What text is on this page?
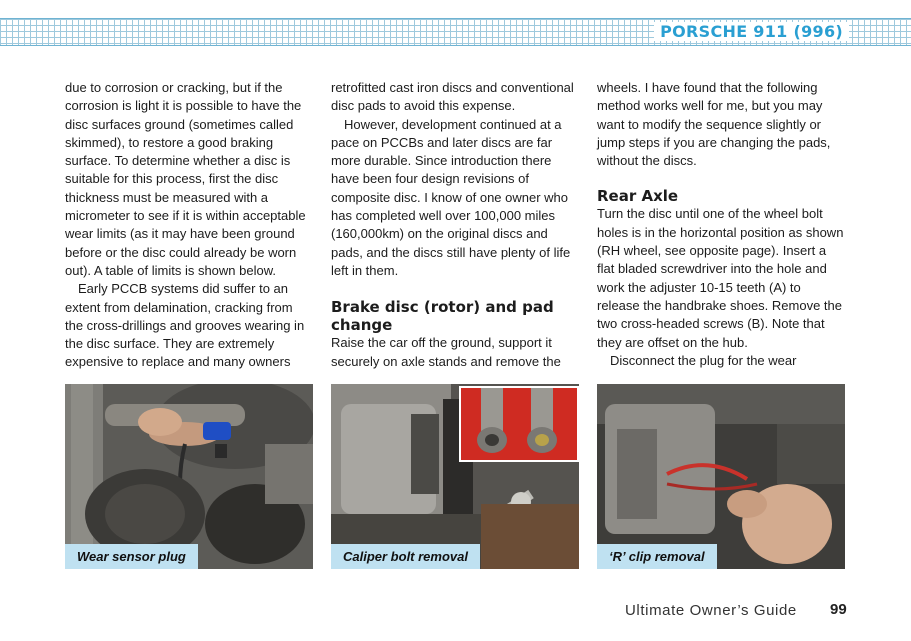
PORSCHE 911 (996)

due to corrosion or cracking, but if the corrosion is light it is possible to have the disc surfaces ground (sometimes called skimmed), to restore a good braking surface. To determine whether a disc is suitable for this process, first the disc thickness must be measured with a micrometer to see if it is within acceptable wear limits (as it may have been ground before or the disc could already be worn out). A table of limits is shown below.

Early PCCB systems did suffer to an extent from delamination, cracking from the cross-drillings and grooves wearing in the disc surface. They are extremely expensive to replace and many owners

retrofitted cast iron discs and conventional disc pads to avoid this expense.

However, development continued at a pace on PCCBs and later discs are far more durable. Since introduction there have been four design revisions of composite disc. I know of one owner who has completed well over 100,000 miles (160,000km) on the original discs and pads, and the discs still have plenty of life left in them.

Brake disc (rotor) and pad change

Raise the car off the ground, support it securely on axle stands and remove the

wheels. I have found that the following method works well for me, but you may want to modify the sequence slightly or jump steps if you are changing the pads, without the discs.

Rear Axle

Turn the disc until one of the wheel bolt holes is in the horizontal position as shown (RH wheel, see opposite page). Insert a flat bladed screwdriver into the hole and work the adjuster 10-15 teeth (A) to release the handbrake shoes. Remove the two cross-headed screws (B). Note that they are offset on the hub.

Disconnect the plug for the wear

Wear sensor plug	Caliper bolt removal	‘R’ clip removal
Ultimate Owner’s Guide 99
